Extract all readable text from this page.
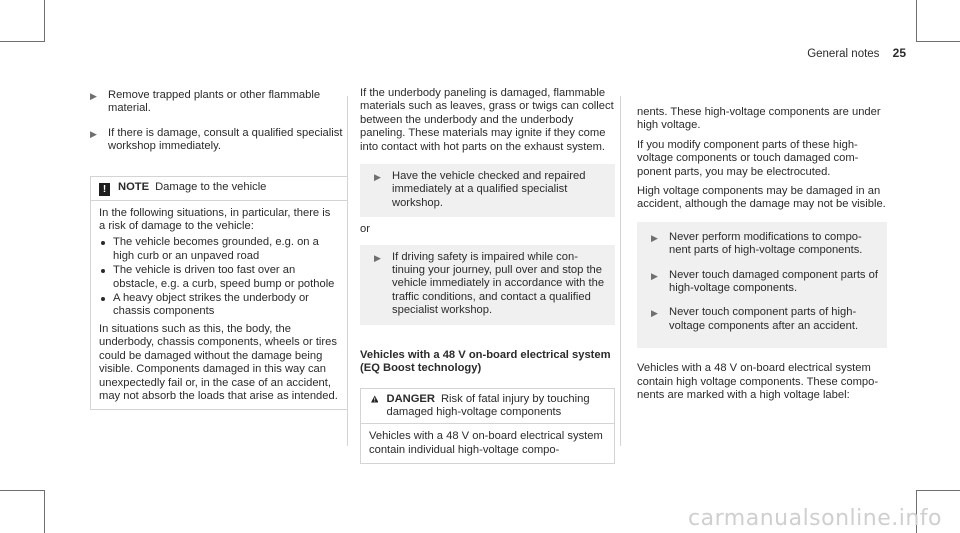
General notes 25
▶ Remove trapped plants or other flammable material.
▶ If there is damage, consult a qualified specialist workshop immediately.
! NOTE Damage to the vehicle
In the following situations, in particular, there is a risk of damage to the vehicle:
The vehicle becomes grounded, e.g. on a high curb or an unpaved road
The vehicle is driven too fast over an obstacle, e.g. a curb, speed bump or pothole
A heavy object strikes the underbody or chassis components
In situations such as this, the body, the underbody, chassis components, wheels or tires could be damaged without the damage being visible. Components damaged in this way can unexpectedly fail or, in the case of an accident, may not absorb the loads that arise as intended.
If the underbody paneling is damaged, flammable materials such as leaves, grass or twigs can collect between the underbody and the underbody paneling. These materials may ignite if they come into contact with hot parts on the exhaust system.
▶ Have the vehicle checked and repaired immediately at a qualified specialist workshop.
or
▶ If driving safety is impaired while continuing your journey, pull over and stop the vehicle immediately in accordance with the traffic conditions, and contact a qualified specialist workshop.
Vehicles with a 48 V on-board electrical system (EQ Boost technology)
DANGER Risk of fatal injury by touching damaged high-voltage components
Vehicles with a 48 V on-board electrical system contain individual high-voltage compo-
nents. These high-voltage components are under high voltage.
If you modify component parts of these high-voltage components or touch damaged component parts, you may be electrocuted.
High voltage components may be damaged in an accident, although the damage may not be visible.
▶ Never perform modifications to component parts of high-voltage components.
▶ Never touch damaged component parts of high-voltage components.
▶ Never touch component parts of high-voltage components after an accident.
Vehicles with a 48 V on-board electrical system contain high voltage components. These components are marked with a high voltage label:
carmanualsonline.info
